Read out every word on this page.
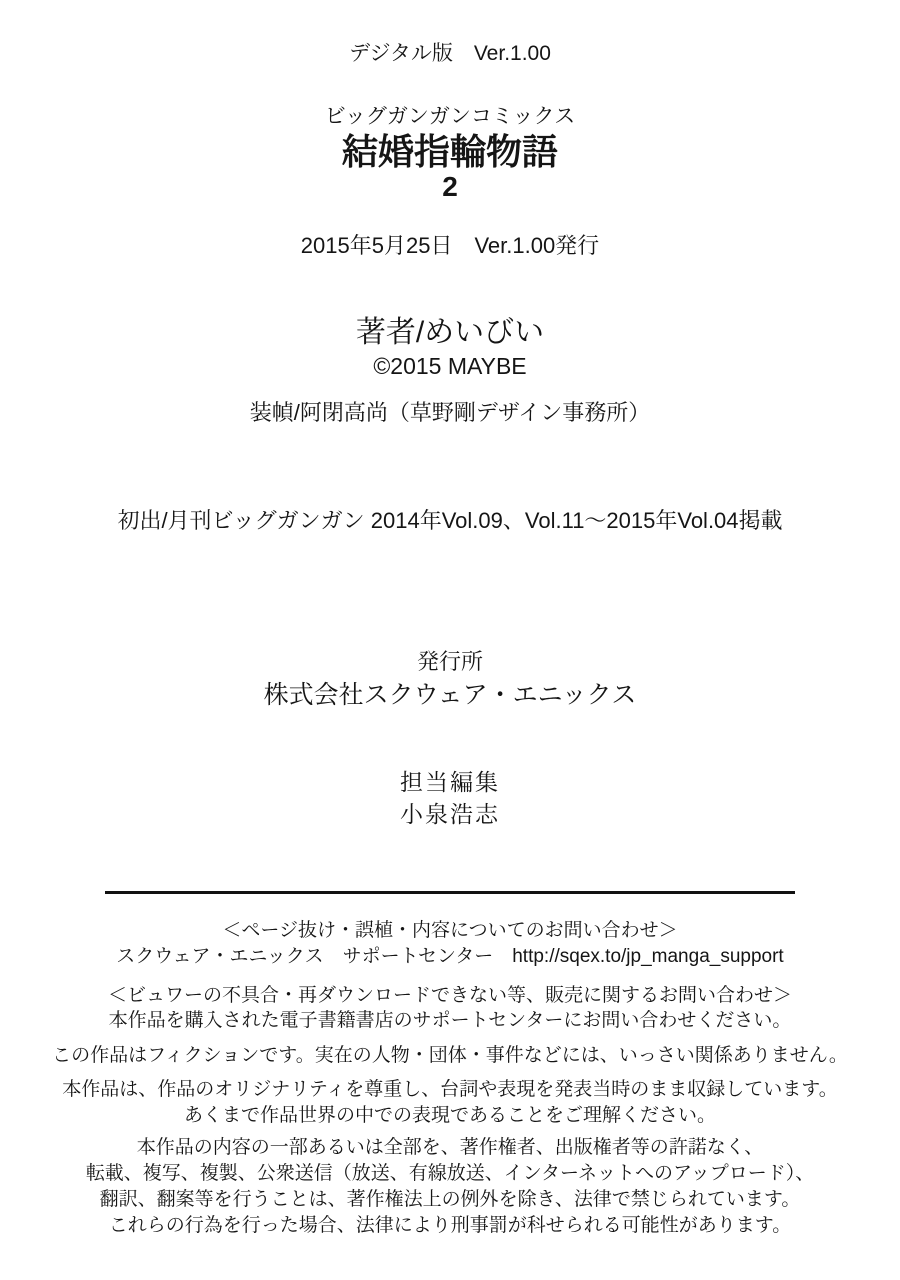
デジタル版　Ver.1.00
ビッグガンガンコミックス
結婚指輪物語
2
2015年5月25日　Ver.1.00発行
著者/めいびい
©2015 MAYBE
装幀/阿閉高尚（草野剛デザイン事務所）
初出/月刊ビッグガンガン 2014年Vol.09、Vol.11～2015年Vol.04掲載
発行所
株式会社スクウェア・エニックス
担当編集
小泉浩志
＜ページ抜け・誤植・内容についてのお問い合わせ＞
スクウェア・エニックス　サポートセンター　http://sqex.to/jp_manga_support
＜ビュワーの不具合・再ダウンロードできない等、販売に関するお問い合わせ＞
本作品を購入された電子書籍書店のサポートセンターにお問い合わせください。
この作品はフィクションです。実在の人物・団体・事件などには、いっさい関係ありません。
本作品は、作品のオリジナリティを尊重し、台詞や表現を発表当時のまま収録しています。
あくまで作品世界の中での表現であることをご理解ください。
本作品の内容の一部あるいは全部を、著作権者、出版権者等の許諾なく、
転載、複写、複製、公衆送信（放送、有線放送、インターネットへのアップロード）、
翻訳、翻案等を行うことは、著作権法上の例外を除き、法律で禁じられています。
これらの行為を行った場合、法律により刑事罰が科せられる可能性があります。
